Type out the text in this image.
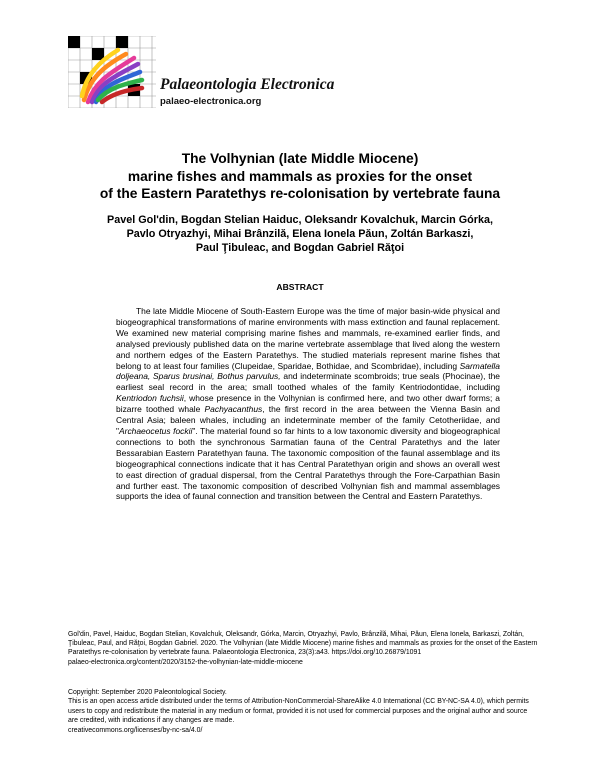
Palaeontologia Electronica
palaeo-electronica.org
The Volhynian (late Middle Miocene)
marine fishes and mammals as proxies for the onset
of the Eastern Paratethys re-colonisation by vertebrate fauna
Pavel Gol'din, Bogdan Stelian Haiduc, Oleksandr Kovalchuk, Marcin Górka,
Pavlo Otryazhyi, Mihai Brânzilă, Elena Ionela Păun, Zoltán Barkaszi,
Paul Ţibuleac, and Bogdan Gabriel Răţoi
ABSTRACT

The late Middle Miocene of South-Eastern Europe was the time of major basin-wide physical and biogeographical transformations of marine environments with mass extinction and faunal replacement. We examined new material comprising marine fishes and mammals, re-examined earlier finds, and analysed previously published data on the marine vertebrate assemblage that lived along the western and northern edges of the Eastern Paratethys. The studied materials represent marine fishes that belong to at least four families (Clupeidae, Sparidae, Bothidae, and Scombridae), including Sarmatella doljeana, Sparus brusinai, Bothus parvulus, and indeterminate scombroids; true seals (Phocinae), the earliest seal record in the area; small toothed whales of the family Kentriodontidae, including Kentriodon fuchsii, whose presence in the Volhynian is confirmed here, and two other dwarf forms; a bizarre toothed whale Pachyacanthus, the first record in the area between the Vienna Basin and Central Asia; baleen whales, including an indeterminate member of the family Cetotheriidae, and "Archaeocetus fockii". The material found so far hints to a low taxonomic diversity and biogeographical connections to both the synchronous Sarmatian fauna of the Central Paratethys and the later Bessarabian Eastern Paratethyan fauna. The taxonomic composition of the faunal assemblage and its biogeographical connections indicate that it has Central Paratethyan origin and shows an overall west to east direction of gradual dispersal, from the Central Paratethys through the Fore-Carpathian Basin and further east. The taxonomic composition of described Volhynian fish and mammal assemblages supports the idea of faunal connection and transition between the Central and Eastern Paratethys.

Gol'din, Pavel, Haiduc, Bogdan Stelian, Kovalchuk, Oleksandr, Górka, Marcin, Otryazhyi, Pavlo, Brânzilă, Mihai, Păun, Elena Ionela, Barkaszi, Zoltán, Ţibuleac, Paul, and Răţoi, Bogdan Gabriel. 2020. The Volhynian (late Middle Miocene) marine fishes and mammals as proxies for the onset of the Eastern Paratethys re-colonisation by vertebrate fauna. Palaeontologia Electronica, 23(3):a43. https://doi.org/10.26879/1091
palaeo-electronica.org/content/2020/3152-the-volhynian-late-middle-miocene
Copyright: September 2020 Paleontological Society.
This is an open access article distributed under the terms of Attribution-NonCommercial-ShareAlike 4.0 International (CC BY-NC-SA 4.0), which permits users to copy and redistribute the material in any medium or format, provided it is not used for commercial purposes and the original author and source are credited, with indications if any changes are made.
creativecommons.org/licenses/by-nc-sa/4.0/
